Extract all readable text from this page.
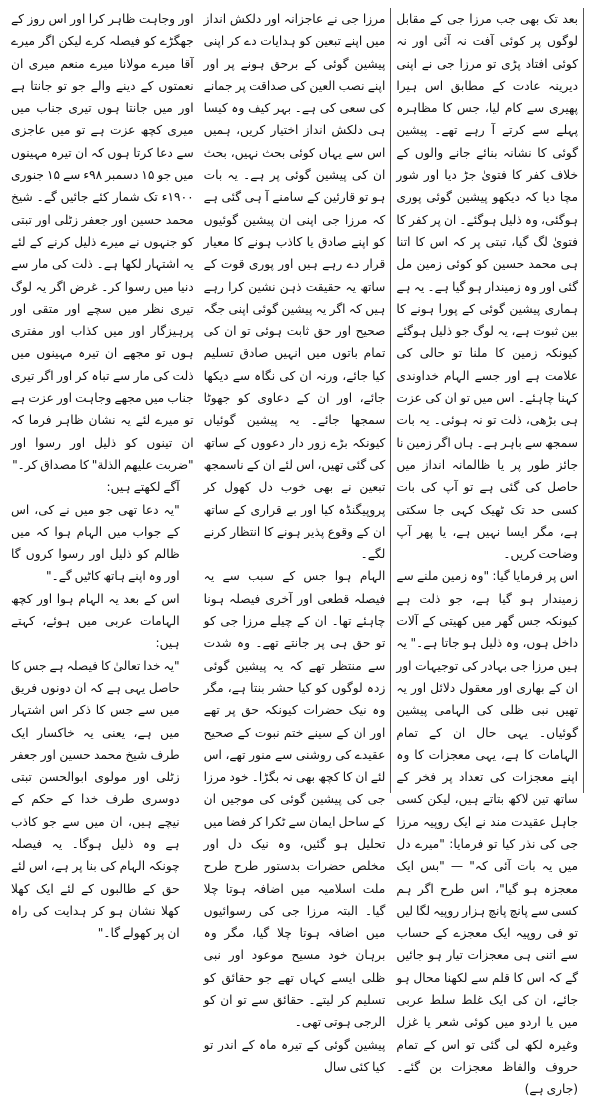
اور وجاہت ظاہر کرا اور اس روز کے جھگڑے کو فیصلہ کرے لیکن اگر میرے آقا میرے مولانا میرے منعم میری ان نعمتوں کے دینے والے جو تو جانتا ہے اور میں جانتا ہوں تیری جناب میں میری کچھ عزت ہے تو میں عاجزی سے دعا کرتا ہوں کہ ان تیرہ مہینوں میں جو ۱۵ دسمبر ۹۸ء سے ۱۵ جنوری ۱۹۰۰ء تک شمار کئے جائیں گے۔ شیخ محمد حسین اور جعفر زٹلی اور تبتی کو جنہوں نے میرے ذلیل کرنے کے لئے یہ اشتہار لکھا ہے۔ ذلت کی مار سے دنیا میں رسوا کر۔ غرض اگر یہ لوگ تیری نظر میں سچے اور متقی اور پرہیزگار اور میں کذاب اور مفتری ہوں تو مجھے ان تیرہ مہینوں میں ذلت کی مار سے تباہ کر اور اگر تیری جناب میں مجھے وجاہت اور عزت ہے تو میرے لئے یہ نشان ظاہر فرما کہ ان تینوں کو ذلیل اور رسوا اور "ضربت علیھم الذلة" کا مصداق کر۔"

آگے لکھتے ہیں:

"یہ دعا تھی جو میں نے کی، اس کے جواب میں الہام ہوا کہ میں ظالم کو ذلیل اور رسوا کروں گا اور وہ اپنے ہاتھ کاٹیں گے۔"

اس کے بعد یہ الہام ہوا اور کچھ الہامات عربی میں ہوئے، کہتے ہیں:

"یہ خدا تعالیٰ کا فیصلہ ہے جس کا حاصل یہی ہے کہ ان دونوں فریق میں سے جس کا ذکر اس اشتہار میں ہے، یعنی یہ خاکسار ایک طرف شیخ محمد حسین اور جعفر زٹلی اور مولوی ابوالحسن تبتی دوسری طرف خدا کے حکم کے نیچے ہیں، ان میں سے جو کاذب ہے وہ ذلیل ہوگا۔ یہ فیصلہ چونکہ الہام کی بنا پر ہے، اس لئے حق کے طالبوں کے لئے ایک کھلا کھلا نشان ہو کر ہدایت کی راہ ان پر کھولے گا۔"

مرزا جی نے عاجزانہ اور دلکش انداز میں اپنے تبعین کو ہدایات دے کر اپنی پیشین گوئی کے برحق ہونے پر اور اپنے نصب العین کی صداقت پر جمانے کی سعی کی ہے۔ بہر کیف وہ کیسا ہی دلکش انداز اختیار کریں، ہمیں اس سے یہاں کوئی بحث نہیں، بحث ان کی پیشین گوئی پر ہے۔ یہ بات ہو تو قارئین کے سامنے آ ہی گئی ہے کہ مرزا جی اپنی ان پیشین گوئیوں کو اپنے صادق یا کاذب ہونے کا معیار قرار دے رہے ہیں اور پوری قوت کے ساتھ یہ حقیقت ذہن نشین کرا رہے ہیں کہ اگر یہ پیشین گوئی اپنی جگہ صحیح اور حق ثابت ہوئی تو ان کی تمام باتوں میں انہیں صادق تسلیم کیا جائے، ورنہ ان کی نگاہ سے دیکھا جائے، اور ان کے دعاوی کو جھوٹا سمجھا جائے۔ یہ پیشین گوئیاں کیونکہ بڑے زور دار دعووں کے ساتھ کی گئی تھیں، اس لئے ان کے ناسمجھ تبعین نے بھی خوب دل کھول کر پروپیگنڈہ کیا اور بے قراری کے ساتھ ان کے وقوع پذیر ہونے کا انتظار کرنے لگے۔

الہام ہوا جس کے سبب سے یہ فیصلہ قطعی اور آخری فیصلہ ہونا چاہئے تھا۔ ان کے چیلے مرزا جی کو تو حق ہی پر جانتے تھے۔ وہ شدت سے منتظر تھے کہ یہ پیشین گوئی زدہ لوگوں کو کیا حشر بنتا ہے، مگر وہ نیک حضرات کیونکہ حق پر تھے اور ان کے سینے ختم نبوت کے صحیح عقیدے کی روشنی سے منور تھے، اس لئے ان کا کچھ بھی نہ بگڑا۔ خود مرزا جی کی پیشین گوئی کی موجیں ان کے ساحل ایمان سے ٹکرا کر فضا میں تحلیل ہو گئیں، وہ نیک دل اور مخلص حضرات بدستور طرح طرح ملت اسلامیہ میں اضافہ ہوتا چلا گیا۔ البتہ مرزا جی کی رسوائیوں میں اضافہ ہوتا چلا گیا، مگر وہ برہان خود مسیح موعود اور نبی ظلی ایسے کہاں تھے جو حقائق کو تسلیم کر لیتے۔ حقائق سے تو ان کو الرجی ہوتی تھی۔

پیشین گوئی کے تیرہ ماہ کے اندر تو کیا کئی سال

بعد تک بھی جب مرزا جی کے مقابل لوگوں پر کوئی آفت نہ آئی اور نہ کوئی افتاد پڑی تو مرزا جی نے اپنی دیرینہ عادت کے مطابق اس ہیرا پھیری سے کام لیا، جس کا مظاہرہ پہلے سے کرتے آ رہے تھے۔ پیشین گوئی کا نشانہ بنائے جانے والوں کے خلاف کفر کا فتویٰ جڑ دیا اور شور مچا دیا کہ دیکھو پیشین گوئی پوری ہوگئی، وہ ذلیل ہوگئے۔ ان پر کفر کا فتویٰ لگ گیا، تبتی پر کہ اس کا اتنا ہی محمد حسین کو کوئی زمین مل گئی اور وہ زمیندار ہو گیا ہے۔ یہ ہے ہماری پیشین گوئی کے پورا ہونے کا بین ثبوت ہے، یہ لوگ جو ذلیل ہوگئے کیونکہ زمین کا ملنا تو حالی کی علامت ہے اور جسے الہام خداوندی کہنا چاہئے۔ اس میں تو ان کی عزت ہی بڑھی، ذلت تو نہ ہوئی۔ یہ بات سمجھ سے باہر ہے۔ ہاں اگر زمین نا جائز طور پر یا ظالمانہ انداز میں حاصل کی گئی ہے تو آپ کی بات کسی حد تک ٹھیک کہی جا سکتی ہے، مگر ایسا نہیں ہے، یا پھر آپ وضاحت کریں۔

اس پر فرمایا گیا: "وہ زمین ملنے سے زمیندار ہو گیا ہے، جو ذلت ہے کیونکہ جس گھر میں کھیتی کے آلات داخل ہوں، وہ ذلیل ہو جاتا ہے۔" یہ ہیں مرزا جی بہادر کی توجیہات اور ان کے بھاری اور معقول دلائل اور یہ تھیں نبی ظلی کی الہامی پیشین گوئیاں۔ یہی حال ان کے تمام الہامات کا ہے، یہی معجزات کا وہ اپنے معجزات کی تعداد پر فخر کے ساتھ تین لاکھ بتاتے ہیں، لیکن کسی جاہل عقیدت مند نے ایک روپیہ مرزا جی کی نذر کیا تو فرمایا: "میرے دل میں یہ بات آئی کہ" — "بس ایک معجزہ ہو گیا"، اس طرح اگر ہم کسی سے پانچ پانچ ہزار روپیہ لگا لیں تو فی روپیہ ایک معجزے کے حساب سے اتنی ہی معجزات تیار ہو جائیں گے کہ اس کا قلم سے لکھنا محال ہو جائے، ان کی ایک غلط سلط عربی میں یا اردو میں کوئی شعر یا غزل وغیرہ لکھ لی گئی تو اس کے تمام حروف والفاظ معجزات بن گئے۔ (جاری ہے)
